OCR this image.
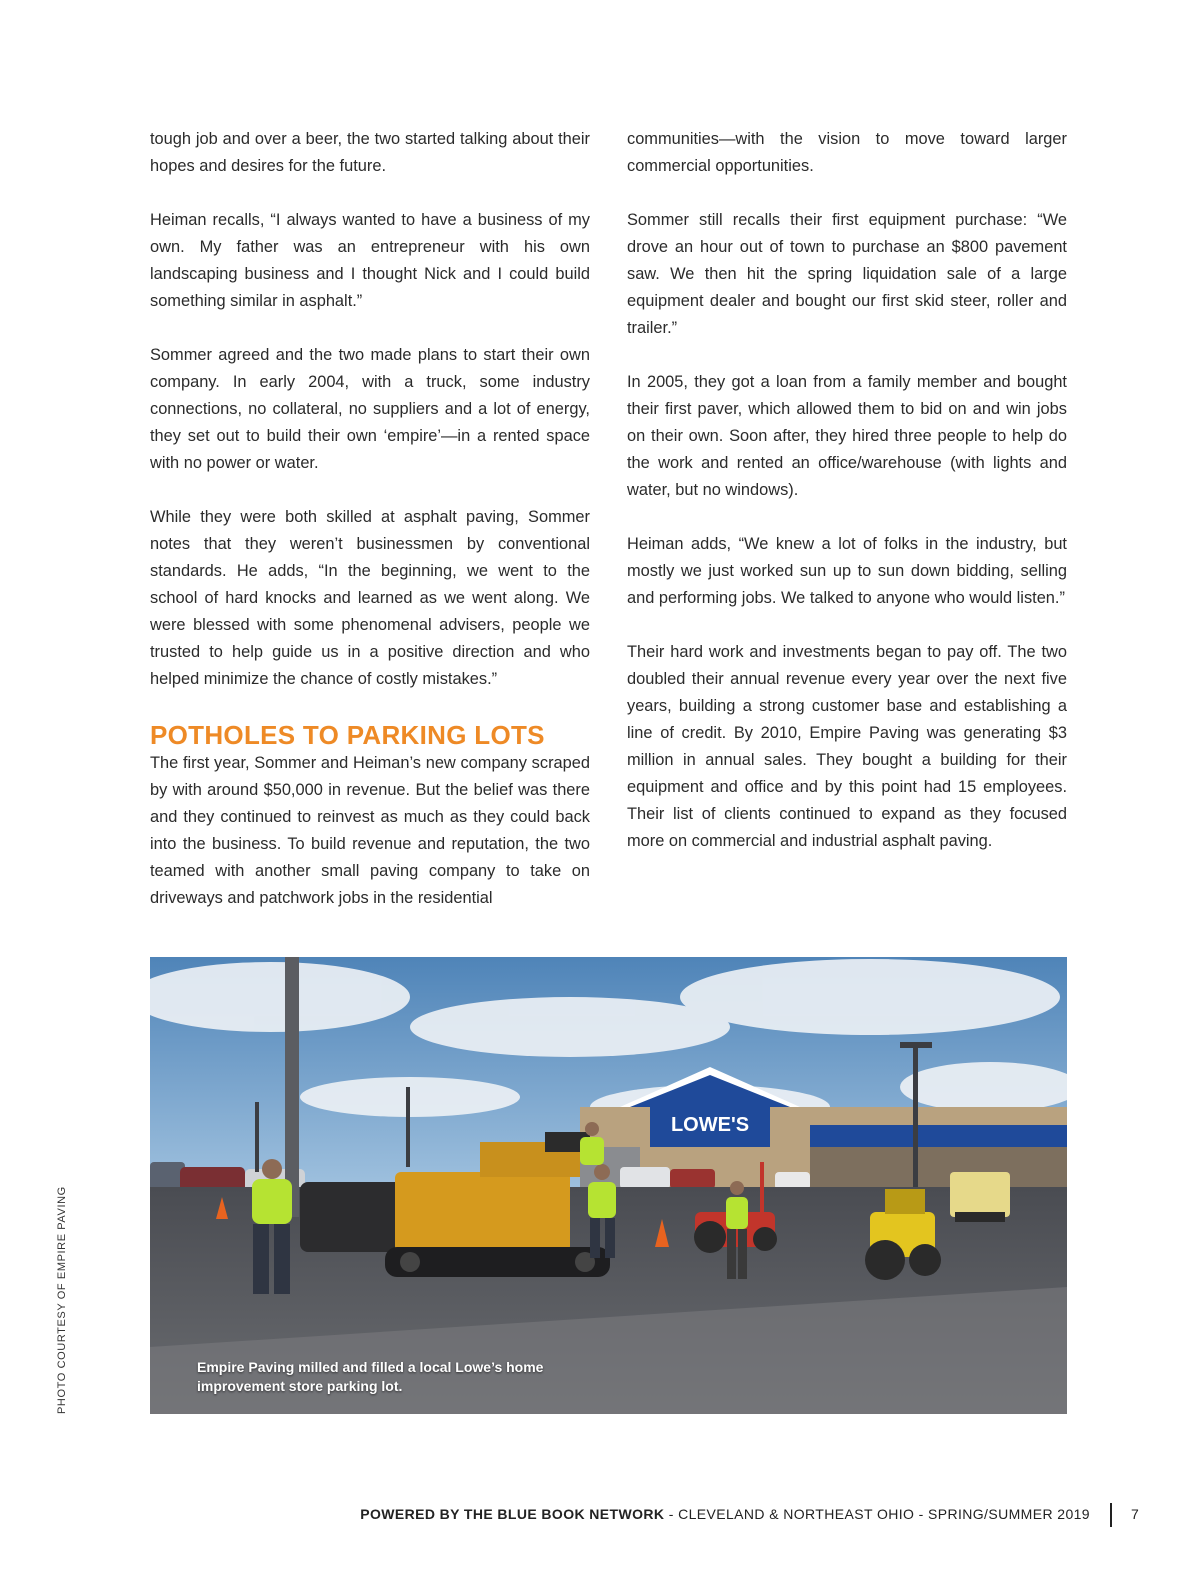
tough job and over a beer, the two started talking about their hopes and desires for the future.

Heiman recalls, “I always wanted to have a business of my own. My father was an entrepreneur with his own landscaping business and I thought Nick and I could build something similar in asphalt.”

Sommer agreed and the two made plans to start their own company. In early 2004, with a truck, some industry connections, no collateral, no suppliers and a lot of energy, they set out to build their own ‘empire’—in a rented space with no power or water.

While they were both skilled at asphalt paving, Sommer notes that they weren’t businessmen by conventional standards. He adds, “In the beginning, we went to the school of hard knocks and learned as we went along. We were blessed with some phenomenal advisers, people we trusted to help guide us in a positive direction and who helped minimize the chance of costly mistakes.”

POTHOLES TO PARKING LOTS

The first year, Sommer and Heiman’s new company scraped by with around $50,000 in revenue. But the belief was there and they continued to reinvest as much as they could back into the business. To build revenue and reputation, the two teamed with another small paving company to take on driveways and patchwork jobs in the residential

communities—with the vision to move toward larger commercial opportunities.

Sommer still recalls their first equipment purchase: “We drove an hour out of town to purchase an $800 pavement saw. We then hit the spring liquidation sale of a large equipment dealer and bought our first skid steer, roller and trailer.”

In 2005, they got a loan from a family member and bought their first paver, which allowed them to bid on and win jobs on their own. Soon after, they hired three people to help do the work and rented an office/warehouse (with lights and water, but no windows).

Heiman adds, “We knew a lot of folks in the industry, but mostly we just worked sun up to sun down bidding, selling and performing jobs. We talked to anyone who would listen.”

Their hard work and investments began to pay off. The two doubled their annual revenue every year over the next five years, building a strong customer base and establishing a line of credit. By 2010, Empire Paving was generating $3 million in annual sales. They bought a building for their equipment and office and by this point had 15 employees. Their list of clients continued to expand as they focused more on commercial and industrial asphalt paving.

LOWE'S
Empire Paving milled and filled a local Lowe’s home improvement store parking lot.
PHOTO COURTESY OF EMPIRE PAVING
POWERED BY THE BLUE BOOK NETWORK - CLEVELAND & NORTHEAST OHIO - SPRING/SUMMER 2019	7
